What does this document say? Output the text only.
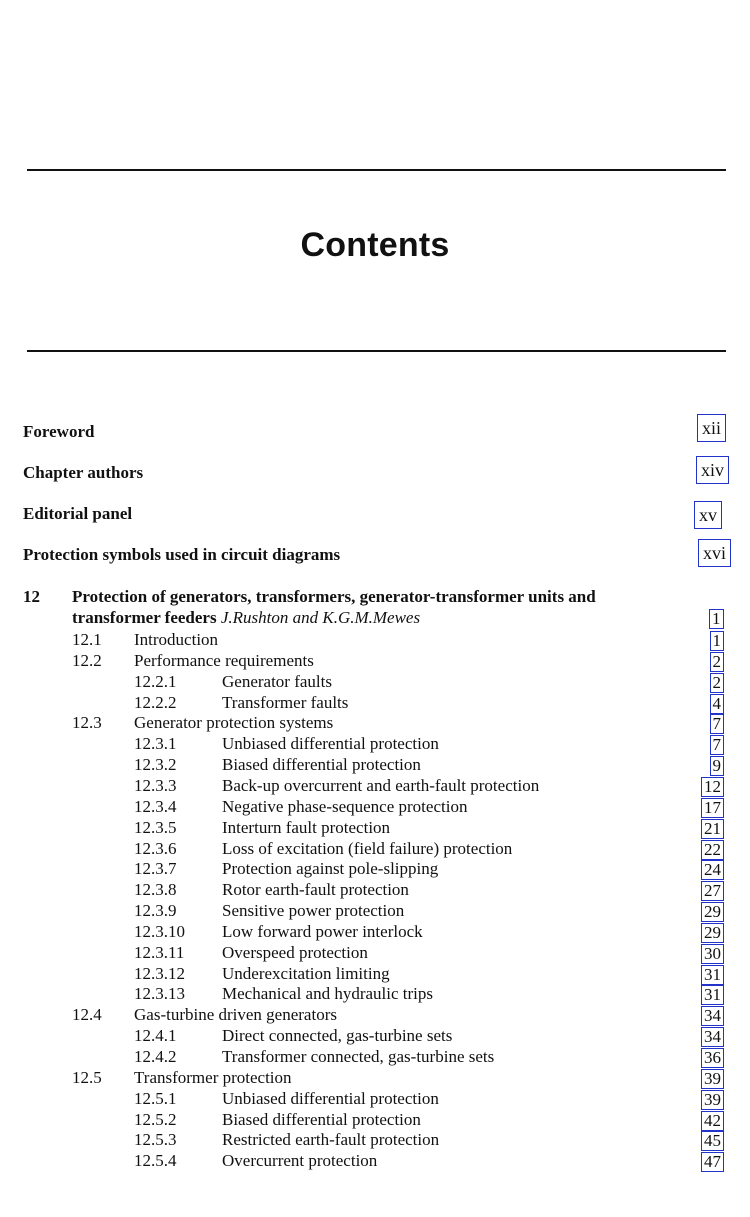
Contents
Foreword	xii
Chapter authors	xiv
Editorial panel	xv
Protection symbols used in circuit diagrams	xvi
12 Protection of generators, transformers, generator-transformer units and
transformer feeders J.Rushton and K.G.M.Mewes	1
12.1 Introduction	1
12.2 Performance requirements	2
12.2.1	Generator faults	2
12.2.2	Transformer faults	4
12.3 Generator protection systems	7
12.3.1	Unbiased differential protection	7
12.3.2	Biased differential protection	9
12.3.3	Back-up overcurrent and earth-fault protection	12
12.3.4	Negative phase-sequence protection	17
12.3.5	Interturn fault protection	21
12.3.6	Loss of excitation (field failure) protection	22
12.3.7	Protection against pole-slipping	24
12.3.8	Rotor earth-fault protection	27
12.3.9	Sensitive power protection	29
12.3.10 Low forward power interlock	29
12.3.11 Overspeed protection	30
12.3.12 Underexcitation limiting	31
12.3.13 Mechanical and hydraulic trips	31
12.4 Gas-turbine driven generators	34
12.4.1	Direct connected, gas-turbine sets	34
12.4.2	Transformer connected, gas-turbine sets	36
12.5 Transformer protection	39
12.5.1	Unbiased differential protection	39
12.5.2	Biased differential protection	42
12.5.3	Restricted earth-fault protection	45
12.5.4	Overcurrent protection	47
